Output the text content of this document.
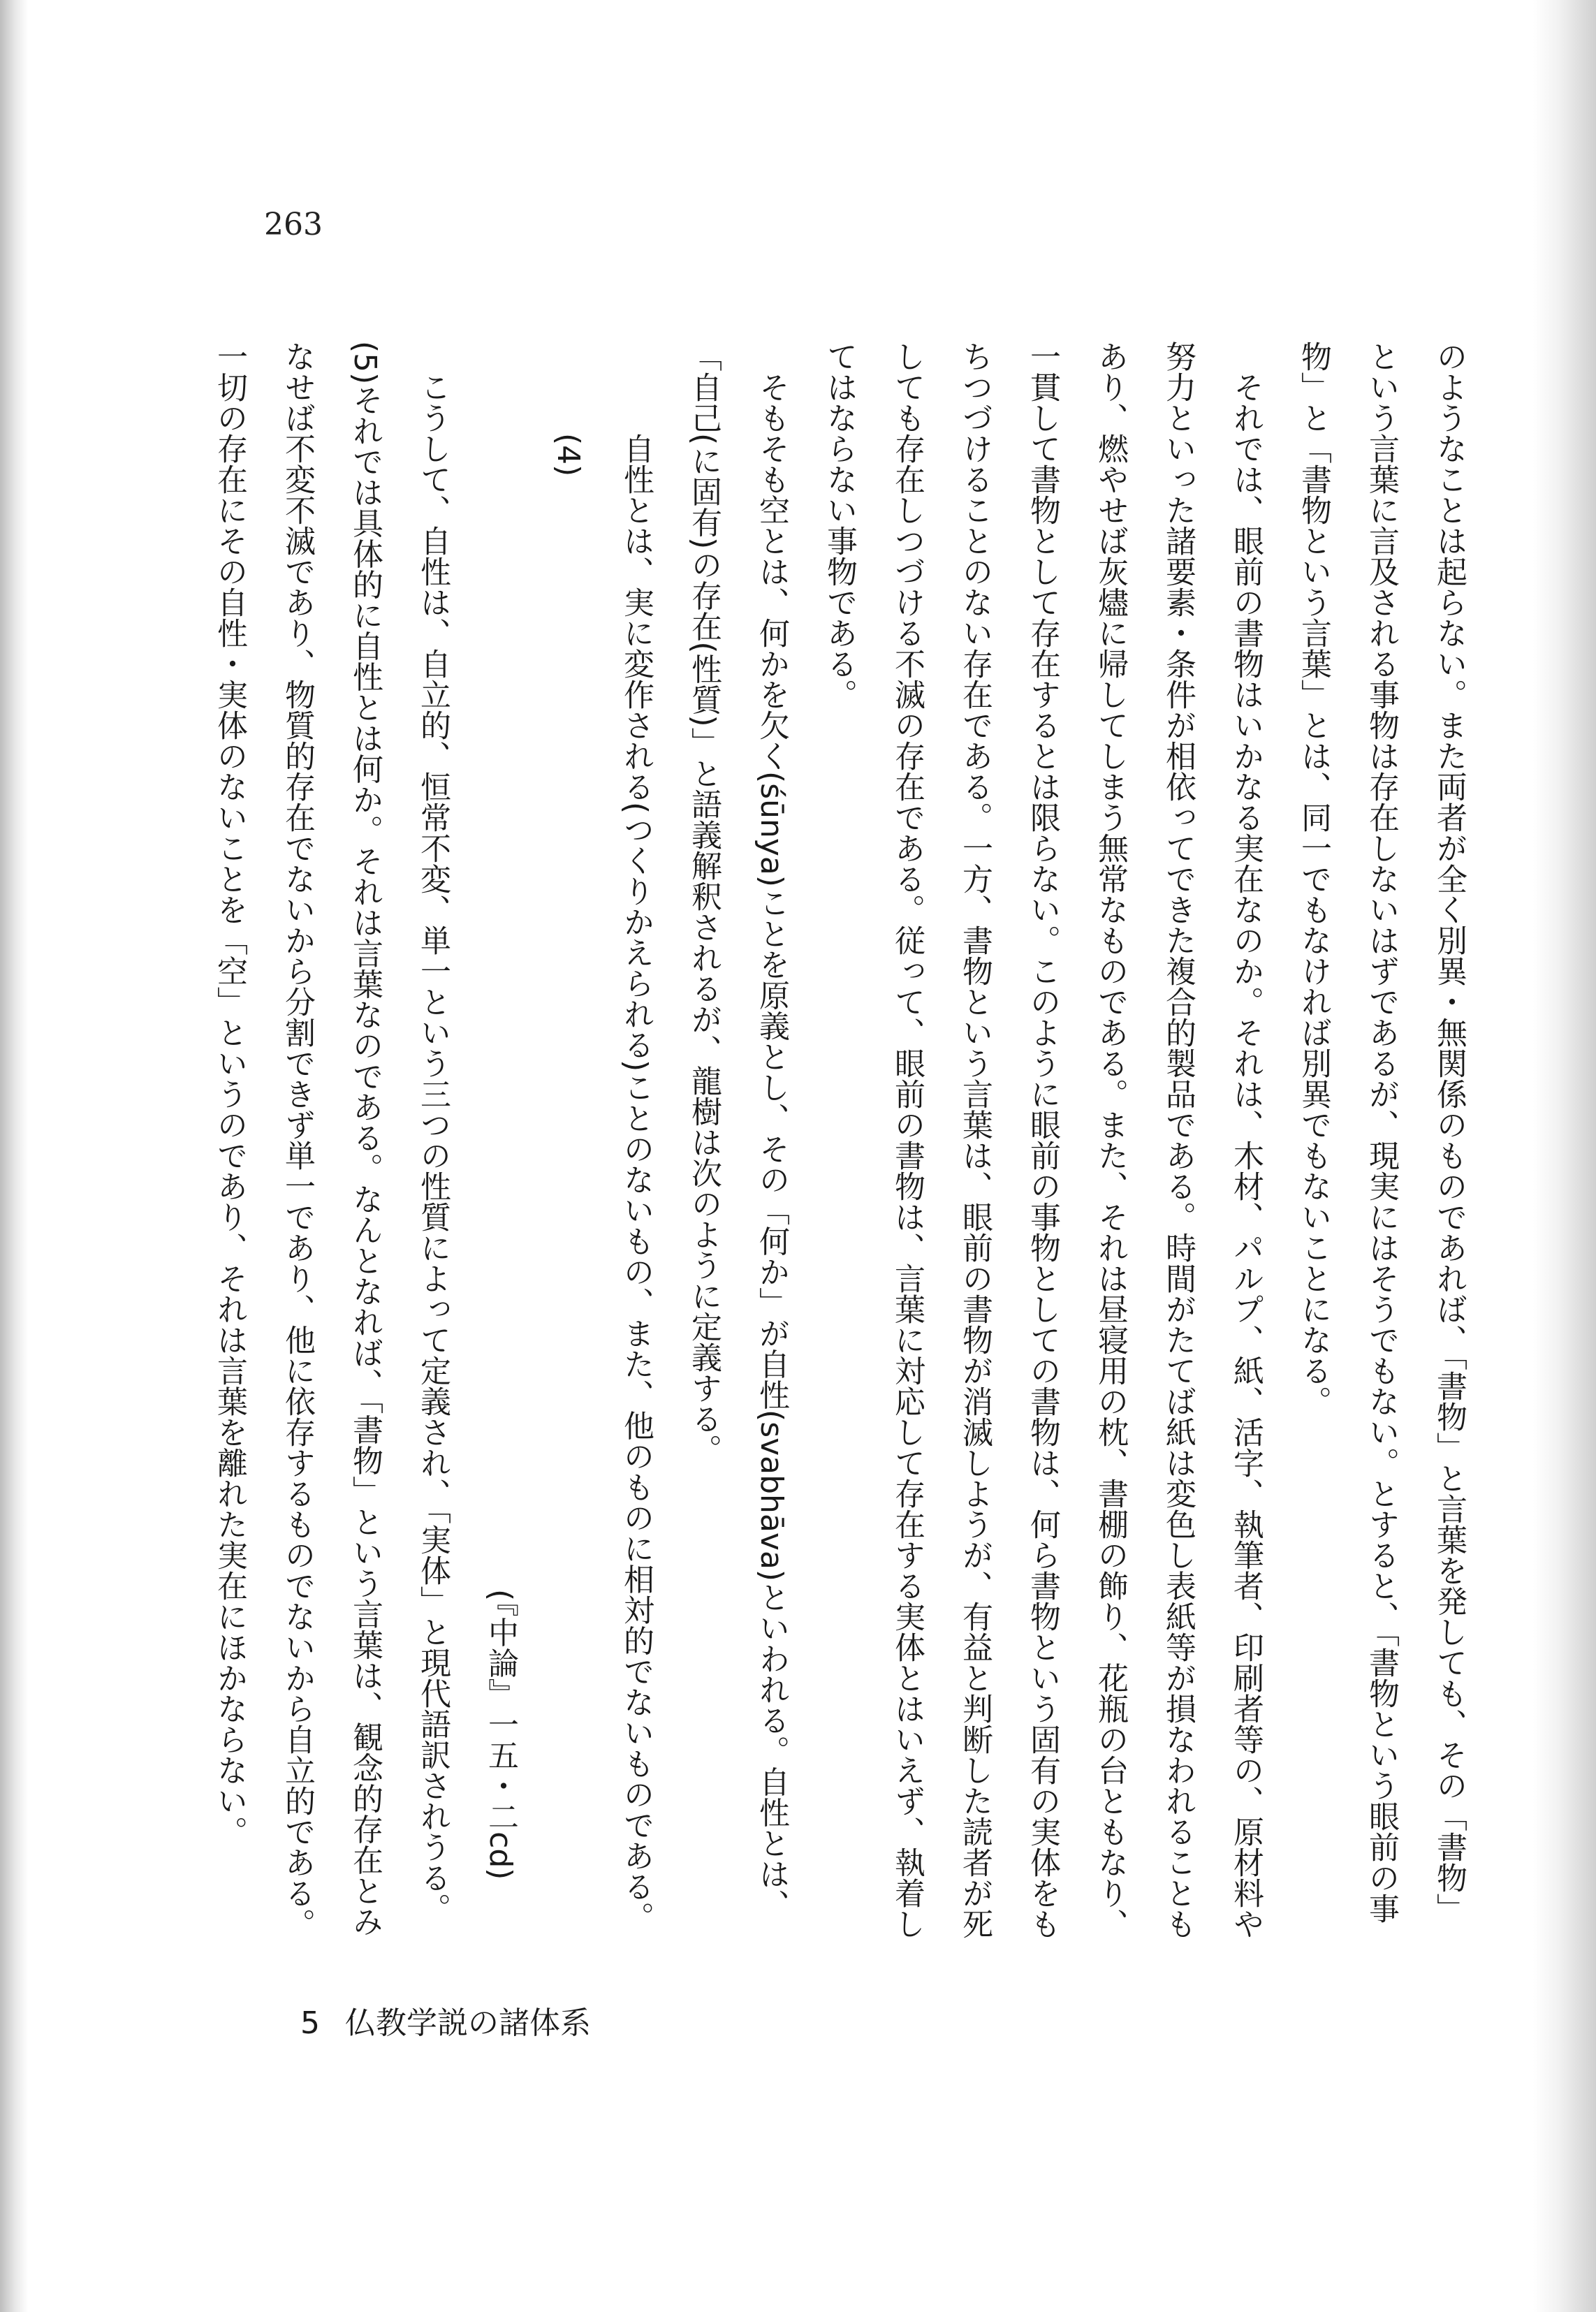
263

のようなことは起らない。また両者が全く別異・無関係のものであれば、「書物」と言葉を発しても、その「書物」という言葉に言及される事物は存在しないはずであるが、現実にはそうでもない。とすると、「書物という眼前の事物」と「書物という言葉」とは、同一でもなければ別異でもないことになる。

それでは、眼前の書物はいかなる実在なのか。それは、木材、パルプ、紙、活字、執筆者、印刷者等の、原材料や努力といった諸要素・条件が相依ってできた複合的製品である。時間がたてば紙は変色し表紙等が損なわれることもあり、燃やせば灰燼に帰してしまう無常なものである。また、それは昼寝用の枕、書棚の飾り、花瓶の台ともなり、一貫して書物として存在するとは限らない。このように眼前の事物としての書物は、何ら書物という固有の実体をもちつづけることのない存在である。一方、書物という言葉は、眼前の書物が消滅しようが、有益と判断した読者が死しても存在しつづける不滅の存在である。従って、眼前の書物は、言葉に対応して存在する実体とはいえず、執着してはならない事物である。

そもそも空とは、何かを欠く(śūnya)ことを原義とし、その「何か」が自性(svabhāva)といわれる。自性とは、「自己(に固有)の存在(性質)」と語義解釈されるが、龍樹は次のように定義する。

自性とは、実に変作される(つくりかえられる)ことのないもの、また、他のものに相対的でないものである。(4)

(『中論』一五・二cd)

こうして、自性は、自立的、恒常不変、単一という三つの性質によって定義され、「実体」と現代語訳されうる。(5)それでは具体的に自性とは何か。それは言葉なのである。なんとなれば、「書物」という言葉は、観念的存在とみなせば不変不滅であり、物質的存在でないから分割できず単一であり、他に依存するものでないから自立的である。一切の存在にその自性・実体のないことを「空」というのであり、それは言葉を離れた実在にほかならない。

5 仏教学説の諸体系
